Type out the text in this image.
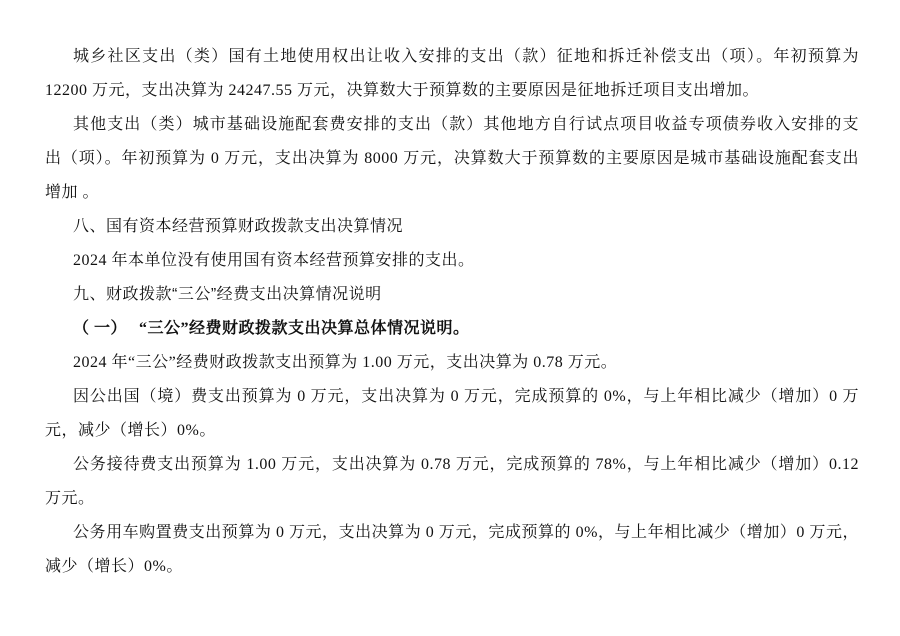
城乡社区支出（类）国有土地使用权出让收入安排的支出（款）征地和拆迁补偿支出（项）。年初预算为
12200 万元，支出决算为 24247.55 万元，决算数大于预算数的主要原因是征地拆迁项目支出增加。
其他支出（类）城市基础设施配套费安排的支出（款）其他地方自行试点项目收益专项债券收入安排的支
出（项）。年初预算为 0 万元，支出决算为 8000 万元，决算数大于预算数的主要原因是城市基础设施配套支出
增加 。
八、国有资本经营预算财政拨款支出决算情况
2024 年本单位没有使用国有资本经营预算安排的支出。
九、财政拨款“三公”经费支出决算情况说明
（ 一） “三公”经费财政拨款支出决算总体情况说明。
2024 年“三公”经费财政拨款支出预算为 1.00 万元，支出决算为 0.78 万元。
因公出国（境）费支出预算为 0 万元，支出决算为 0 万元，完成预算的 0%，与上年相比减少（增加）0 万
元，减少（增长）0%。
公务接待费支出预算为 1.00 万元，支出决算为 0.78 万元，完成预算的 78%，与上年相比减少（增加）0.12
万元。
公务用车购置费支出预算为 0 万元，支出决算为 0 万元，完成预算的 0%，与上年相比减少（增加）0 万元，
减少（增长）0%。
